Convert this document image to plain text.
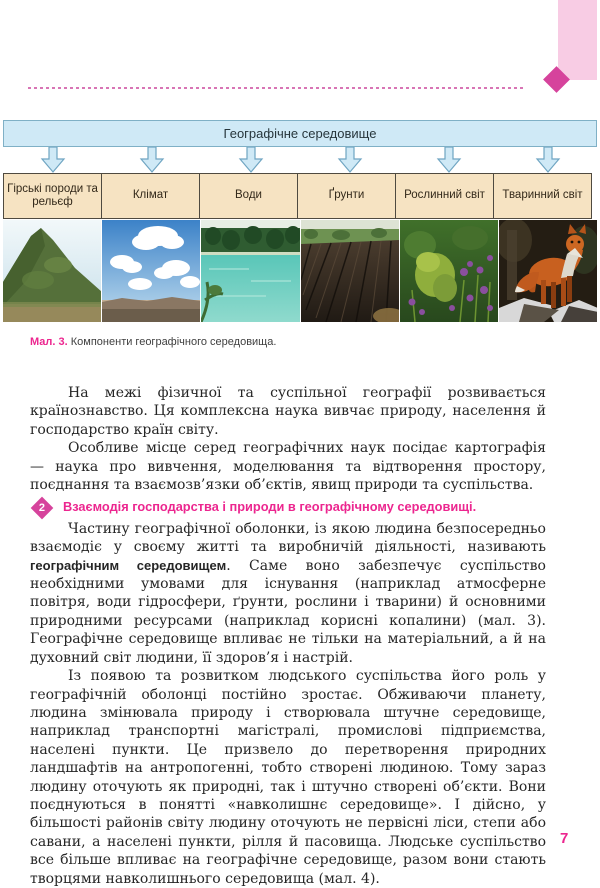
Географічне середовище
Гірські породи та рельєф
Клімат	Води	Ґрунти	Рослинний світ Тваринний світ
Мал. 3. Компоненти географічного середовища.

На межі фізичної та суспільної географії розвивається країнознавство. Ця комплексна наука вивчає природу, населення й господарство країн світу.

Особливе місце серед географічних наук посідає картографія — наука про вивчення, моделювання та відтворення простору, поєднання та взаємозв’язки об’єктів, явищ природи та суспільства.

2 Взаємодія господарства і природи в географічному середовищі.

Частину географічної оболонки, із якою людина безпосередньо взаємодіє у своєму житті та виробничій діяльності, називають географічним середовищем. Саме воно забезпечує суспільство необхідними умовами для існування (наприклад атмосферне повітря, води гідросфери, ґрунти, рослини і тварини) й основними природними ресурсами (наприклад корисні копалини) (мал. 3). Географічне середовище впливає не тільки на матеріальний, а й на духовний світ людини, її здоров’я і настрій.

Із появою та розвитком людського суспільства його роль у географічній оболонці постійно зростає. Обживаючи планету, людина змінювала природу і створювала штучне середовище, наприклад транспортні магістралі, промислові підприємства, населені пункти. Це призвело до перетворення природних ландшафтів на антропогенні, тобто створені людиною. Тому зараз людину оточують як природні, так і штучно створені об’єкти. Вони поєднуються в понятті «навколишнє середовище». І дійсно, у більшості районів світу людину оточують не первісні ліси, степи або савани, а населені пункти, рілля й пасовища. Людське суспільство все більше впливає на географічне середовище, разом вони стають творцями навколишнього середовища (мал. 4).

7
